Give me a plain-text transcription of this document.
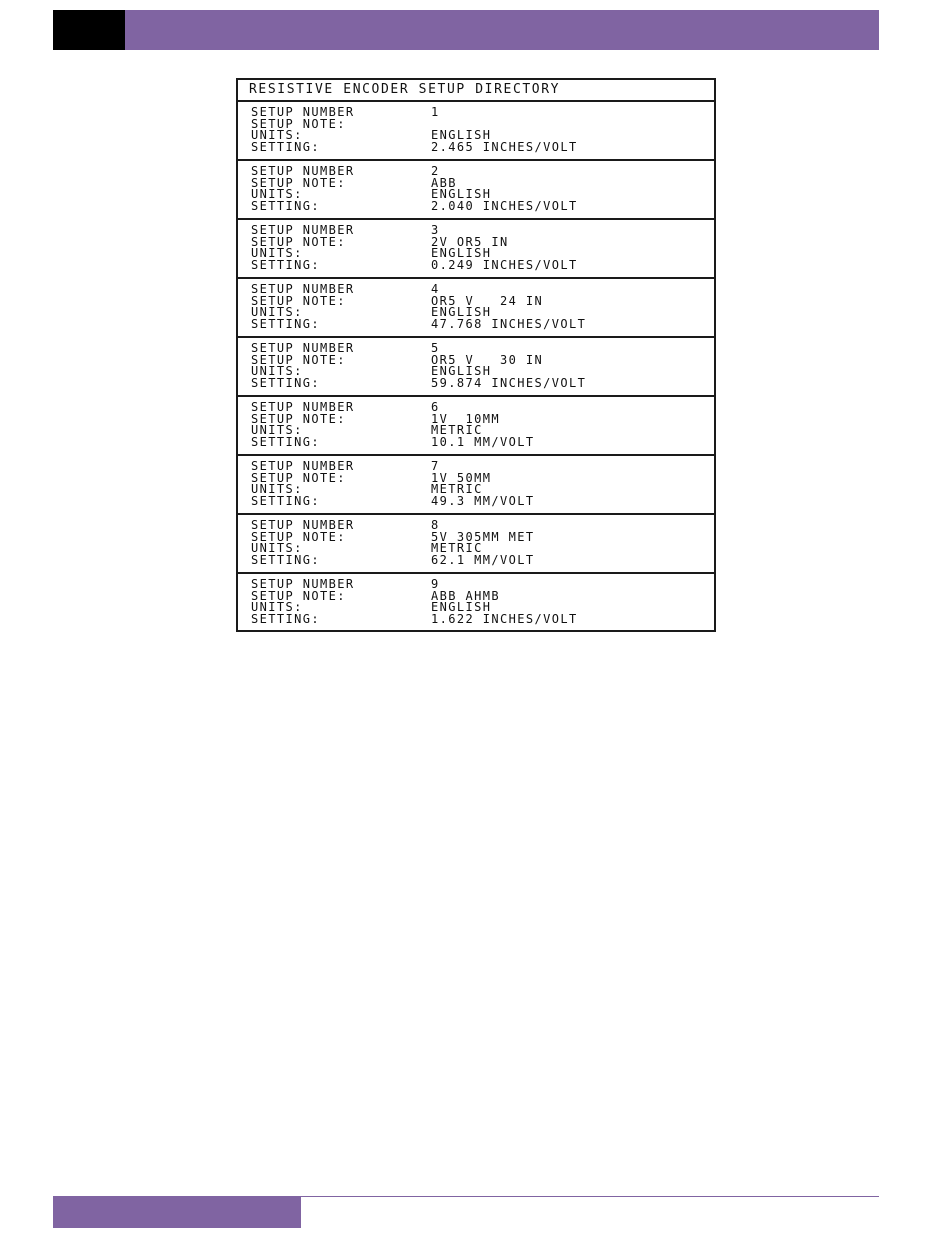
RESISTIVE ENCODER SETUP DIRECTORY
SETUP NUMBER	1
SETUP NOTE:
UNITS:	ENGLISH
SETTING:	2.465 INCHES/VOLT
SETUP NUMBER	2
SETUP NOTE:	ABB
UNITS:	ENGLISH
SETTING:	2.040 INCHES/VOLT
SETUP NUMBER	3
SETUP NOTE:	2V OR5 IN
UNITS:	ENGLISH
SETTING:	0.249 INCHES/VOLT
SETUP NUMBER	4
SETUP NOTE:	OR5 V   24 IN
UNITS:	ENGLISH
SETTING:	47.768 INCHES/VOLT
SETUP NUMBER	5
SETUP NOTE:	OR5 V   30 IN
UNITS:	ENGLISH
SETTING:	59.874 INCHES/VOLT
SETUP NUMBER	6
SETUP NOTE:	1V  10MM
UNITS:	METRIC
SETTING:	10.1 MM/VOLT
SETUP NUMBER	7
SETUP NOTE:	1V 50MM
UNITS:	METRIC
SETTING:	49.3 MM/VOLT
SETUP NUMBER	8
SETUP NOTE:	5V 305MM MET
UNITS:	METRIC
SETTING:	62.1 MM/VOLT
SETUP NUMBER	9
SETUP NOTE:	ABB AHMB
UNITS:	ENGLISH
SETTING:	1.622 INCHES/VOLT
